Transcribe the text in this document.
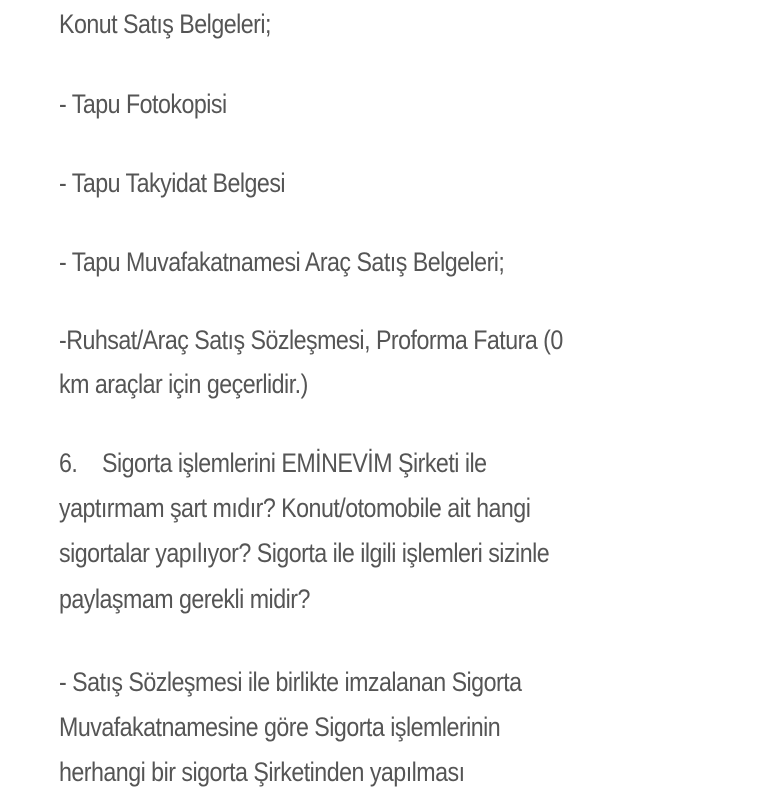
Konut Satış Belgeleri;
- Tapu Fotokopisi
- Tapu Takyidat Belgesi
- Tapu Muvafakatnamesi Araç Satış Belgeleri;
-Ruhsat/Araç Satış Sözleşmesi, Proforma Fatura (0
km araçlar için geçerlidir.)
6. Sigorta işlemlerini EMİNEVİM Şirketi ile
yaptırmam şart mıdır? Konut/otomobile ait hangi
sigortalar yapılıyor? Sigorta ile ilgili işlemleri sizinle
paylaşmam gerekli midir?
- Satış Sözleşmesi ile birlikte imzalanan Sigorta
Muvafakatnamesine göre Sigorta işlemlerinin
herhangi bir sigorta Şirketinden yapılması
